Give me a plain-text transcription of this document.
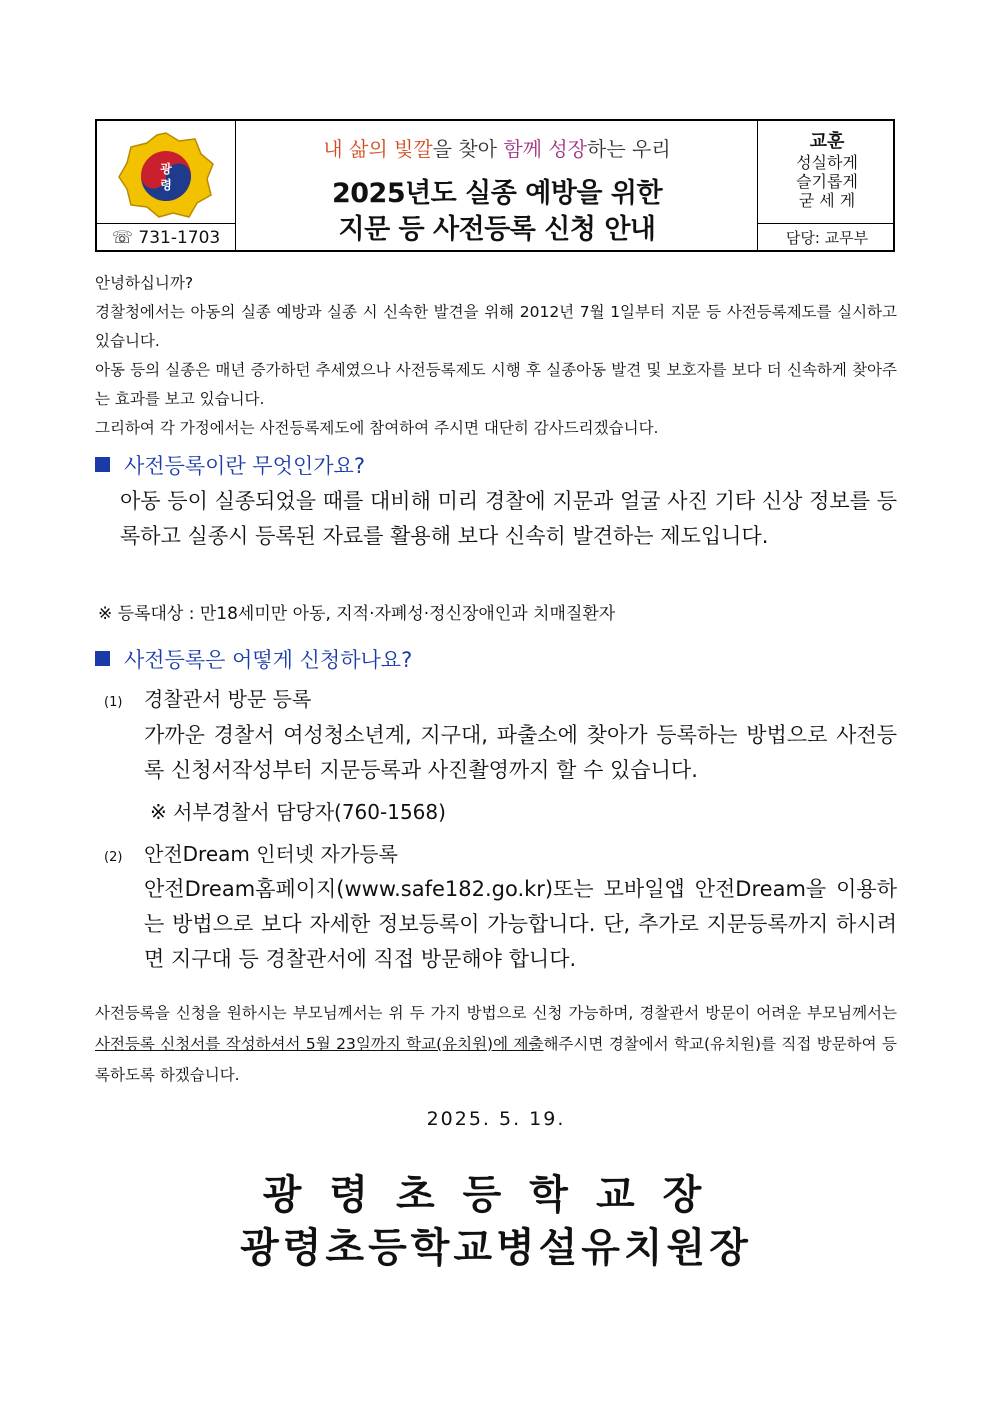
광
령
☏ 731-1703
내 삶의 빛깔을 찾아 함께 성장하는 우리
2025년도 실종 예방을 위한
지문 등 사전등록 신청 안내
교훈
성실하게
슬기롭게
굳 세 게
담당: 교무부
안녕하십니까?
경찰청에서는 아동의 실종 예방과 실종 시 신속한 발견을 위해 2012년 7월 1일부터 지문 등 사전등록제도를 실시하고 있습니다.
아동 등의 실종은 매년 증가하던 추세였으나 사전등록제도 시행 후 실종아동 발견 및 보호자를 보다 더 신속하게 찾아주는 효과를 보고 있습니다.
그리하여 각 가정에서는 사전등록제도에 참여하여 주시면 대단히 감사드리겠습니다.
사전등록이란 무엇인가요?
아동 등이 실종되었을 때를 대비해 미리 경찰에 지문과 얼굴 사진 기타 신상 정보를 등록하고 실종시 등록된 자료를 활용해 보다 신속히 발견하는 제도입니다.
※ 등록대상 : 만18세미만 아동, 지적·자폐성·정신장애인과 치매질환자
사전등록은 어떻게 신청하나요?
(1) 경찰관서 방문 등록
가까운 경찰서 여성청소년계, 지구대, 파출소에 찾아가 등록하는 방법으로 사전등록 신청서작성부터 지문등록과 사진촬영까지 할 수 있습니다.
※ 서부경찰서 담당자(760-1568)
(2) 안전Dream 인터넷 자가등록
안전Dream홈페이지(www.safe182.go.kr)또는 모바일앱 안전Dream을 이용하는 방법으로 보다 자세한 정보등록이 가능합니다. 단, 추가로 지문등록까지 하시려면 지구대 등 경찰관서에 직접 방문해야 합니다.
사전등록을 신청을 원하시는 부모님께서는 위 두 가지 방법으로 신청 가능하며, 경찰관서 방문이 어려운 부모님께서는 사전등록 신청서를 작성하셔서 5월 23일까지 학교(유치원)에 제출해주시면 경찰에서 학교(유치원)를 직접 방문하여 등록하도록 하겠습니다.
2025. 5. 19.
광령초등학교장
광령초등학교병설유치원장
